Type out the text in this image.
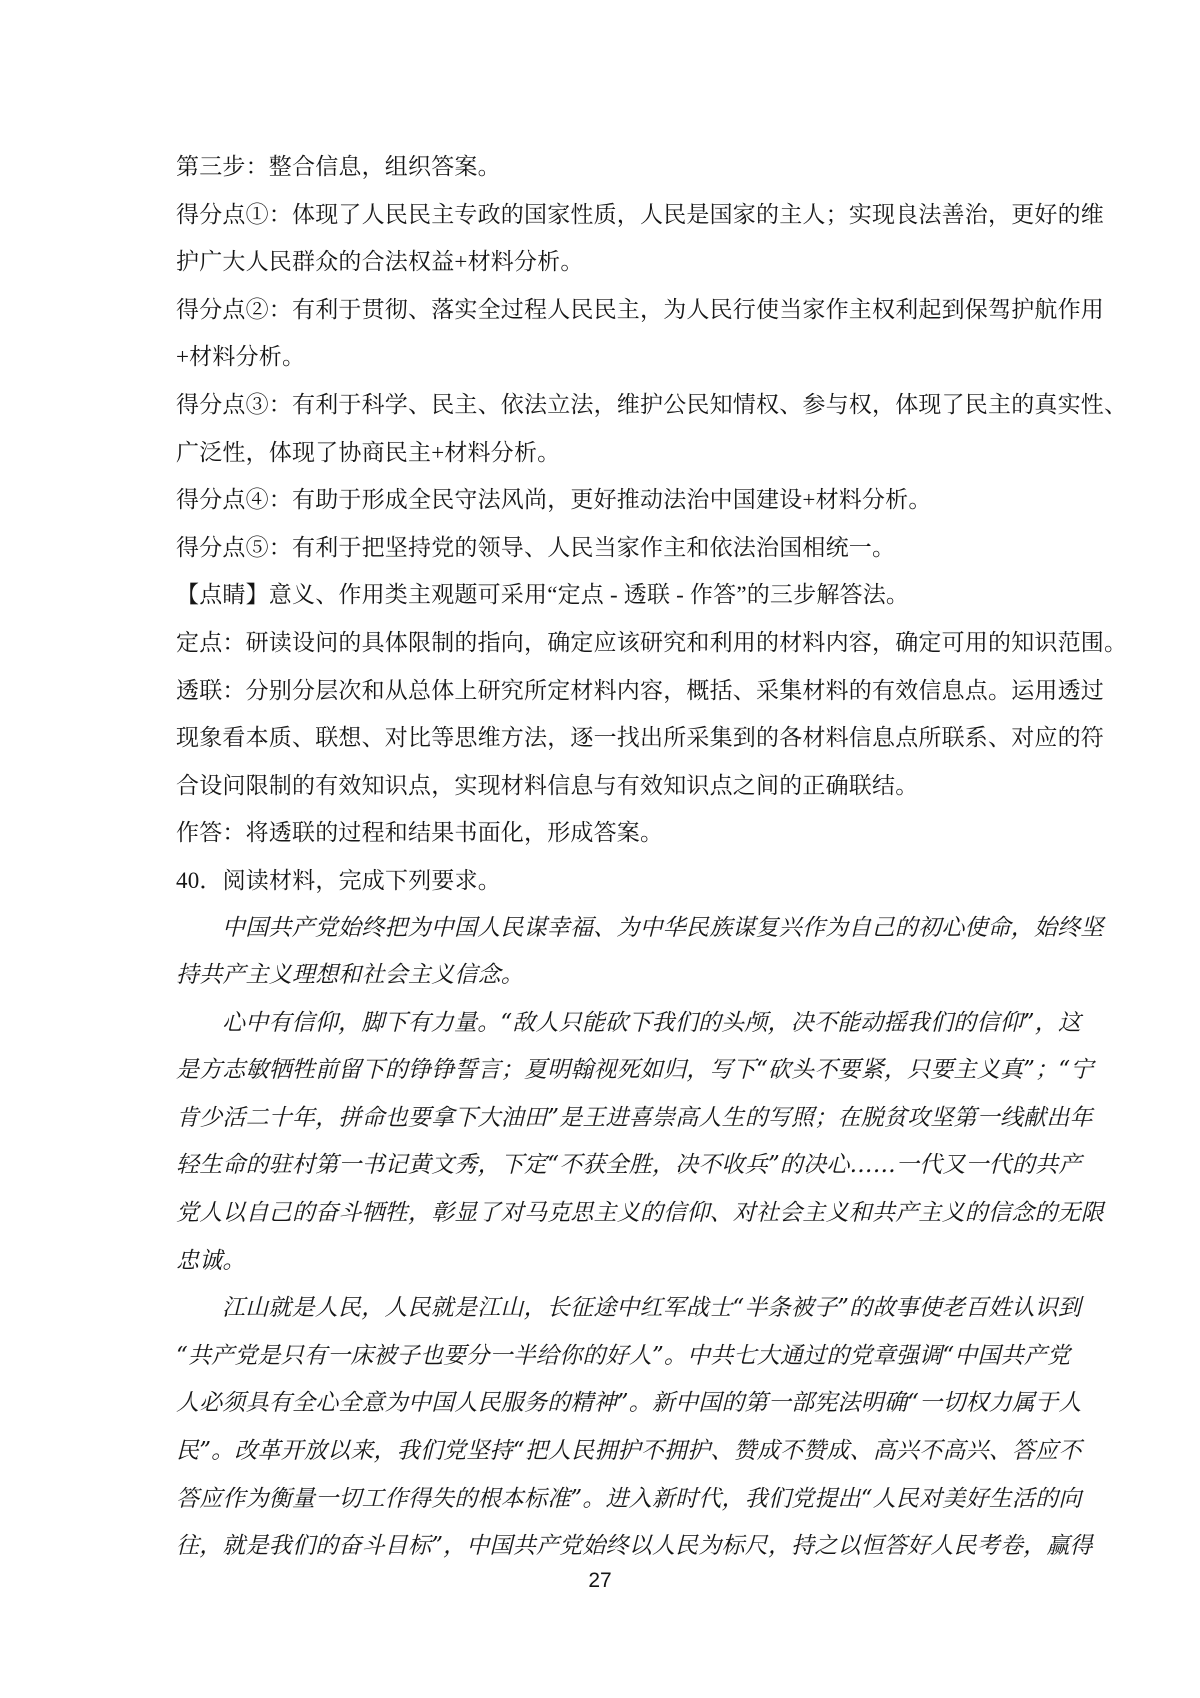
第三步：整合信息，组织答案。
得分点①：体现了人民民主专政的国家性质，人民是国家的主人；实现良法善治，更好的维
护广大人民群众的合法权益+材料分析。
得分点②：有利于贯彻、落实全过程人民民主，为人民行使当家作主权利起到保驾护航作用
+材料分析。
得分点③：有利于科学、民主、依法立法，维护公民知情权、参与权，体现了民主的真实性、
广泛性，体现了协商民主+材料分析。
得分点④：有助于形成全民守法风尚，更好推动法治中国建设+材料分析。
得分点⑤：有利于把坚持党的领导、人民当家作主和依法治国相统一。
【点睛】意义、作用类主观题可采用“定点 - 透联 - 作答”的三步解答法。
定点：研读设问的具体限制的指向，确定应该研究和利用的材料内容，确定可用的知识范围。
透联：分别分层次和从总体上研究所定材料内容，概括、采集材料的有效信息点。运用透过
现象看本质、联想、对比等思维方法，逐一找出所采集到的各材料信息点所联系、对应的符
合设问限制的有效知识点，实现材料信息与有效知识点之间的正确联结。
作答：将透联的过程和结果书面化，形成答案。
40．阅读材料，完成下列要求。
中国共产党始终把为中国人民谋幸福、为中华民族谋复兴作为自己的初心使命，始终坚
持共产主义理想和社会主义信念。
心中有信仰，脚下有力量。“敌人只能砍下我们的头颅，决不能动摇我们的信仰”，这
是方志敏牺牲前留下的铮铮誓言；夏明翰视死如归，写下“砍头不要紧，只要主义真”；“宁
肯少活二十年，拼命也要拿下大油田”是王进喜崇高人生的写照；在脱贫攻坚第一线献出年
轻生命的驻村第一书记黄文秀，下定“不获全胜，决不收兵”的决心……一代又一代的共产
党人以自己的奋斗牺牲，彰显了对马克思主义的信仰、对社会主义和共产主义的信念的无限
忠诚。
江山就是人民，人民就是江山，长征途中红军战士“半条被子”的故事使老百姓认识到
“共产党是只有一床被子也要分一半给你的好人”。中共七大通过的党章强调“中国共产党
人必须具有全心全意为中国人民服务的精神”。新中国的第一部宪法明确“一切权力属于人
民”。改革开放以来，我们党坚持“把人民拥护不拥护、赞成不赞成、高兴不高兴、答应不
答应作为衡量一切工作得失的根本标准”。进入新时代，我们党提出“人民对美好生活的向
往，就是我们的奋斗目标”，中国共产党始终以人民为标尺，持之以恒答好人民考卷，赢得
27
